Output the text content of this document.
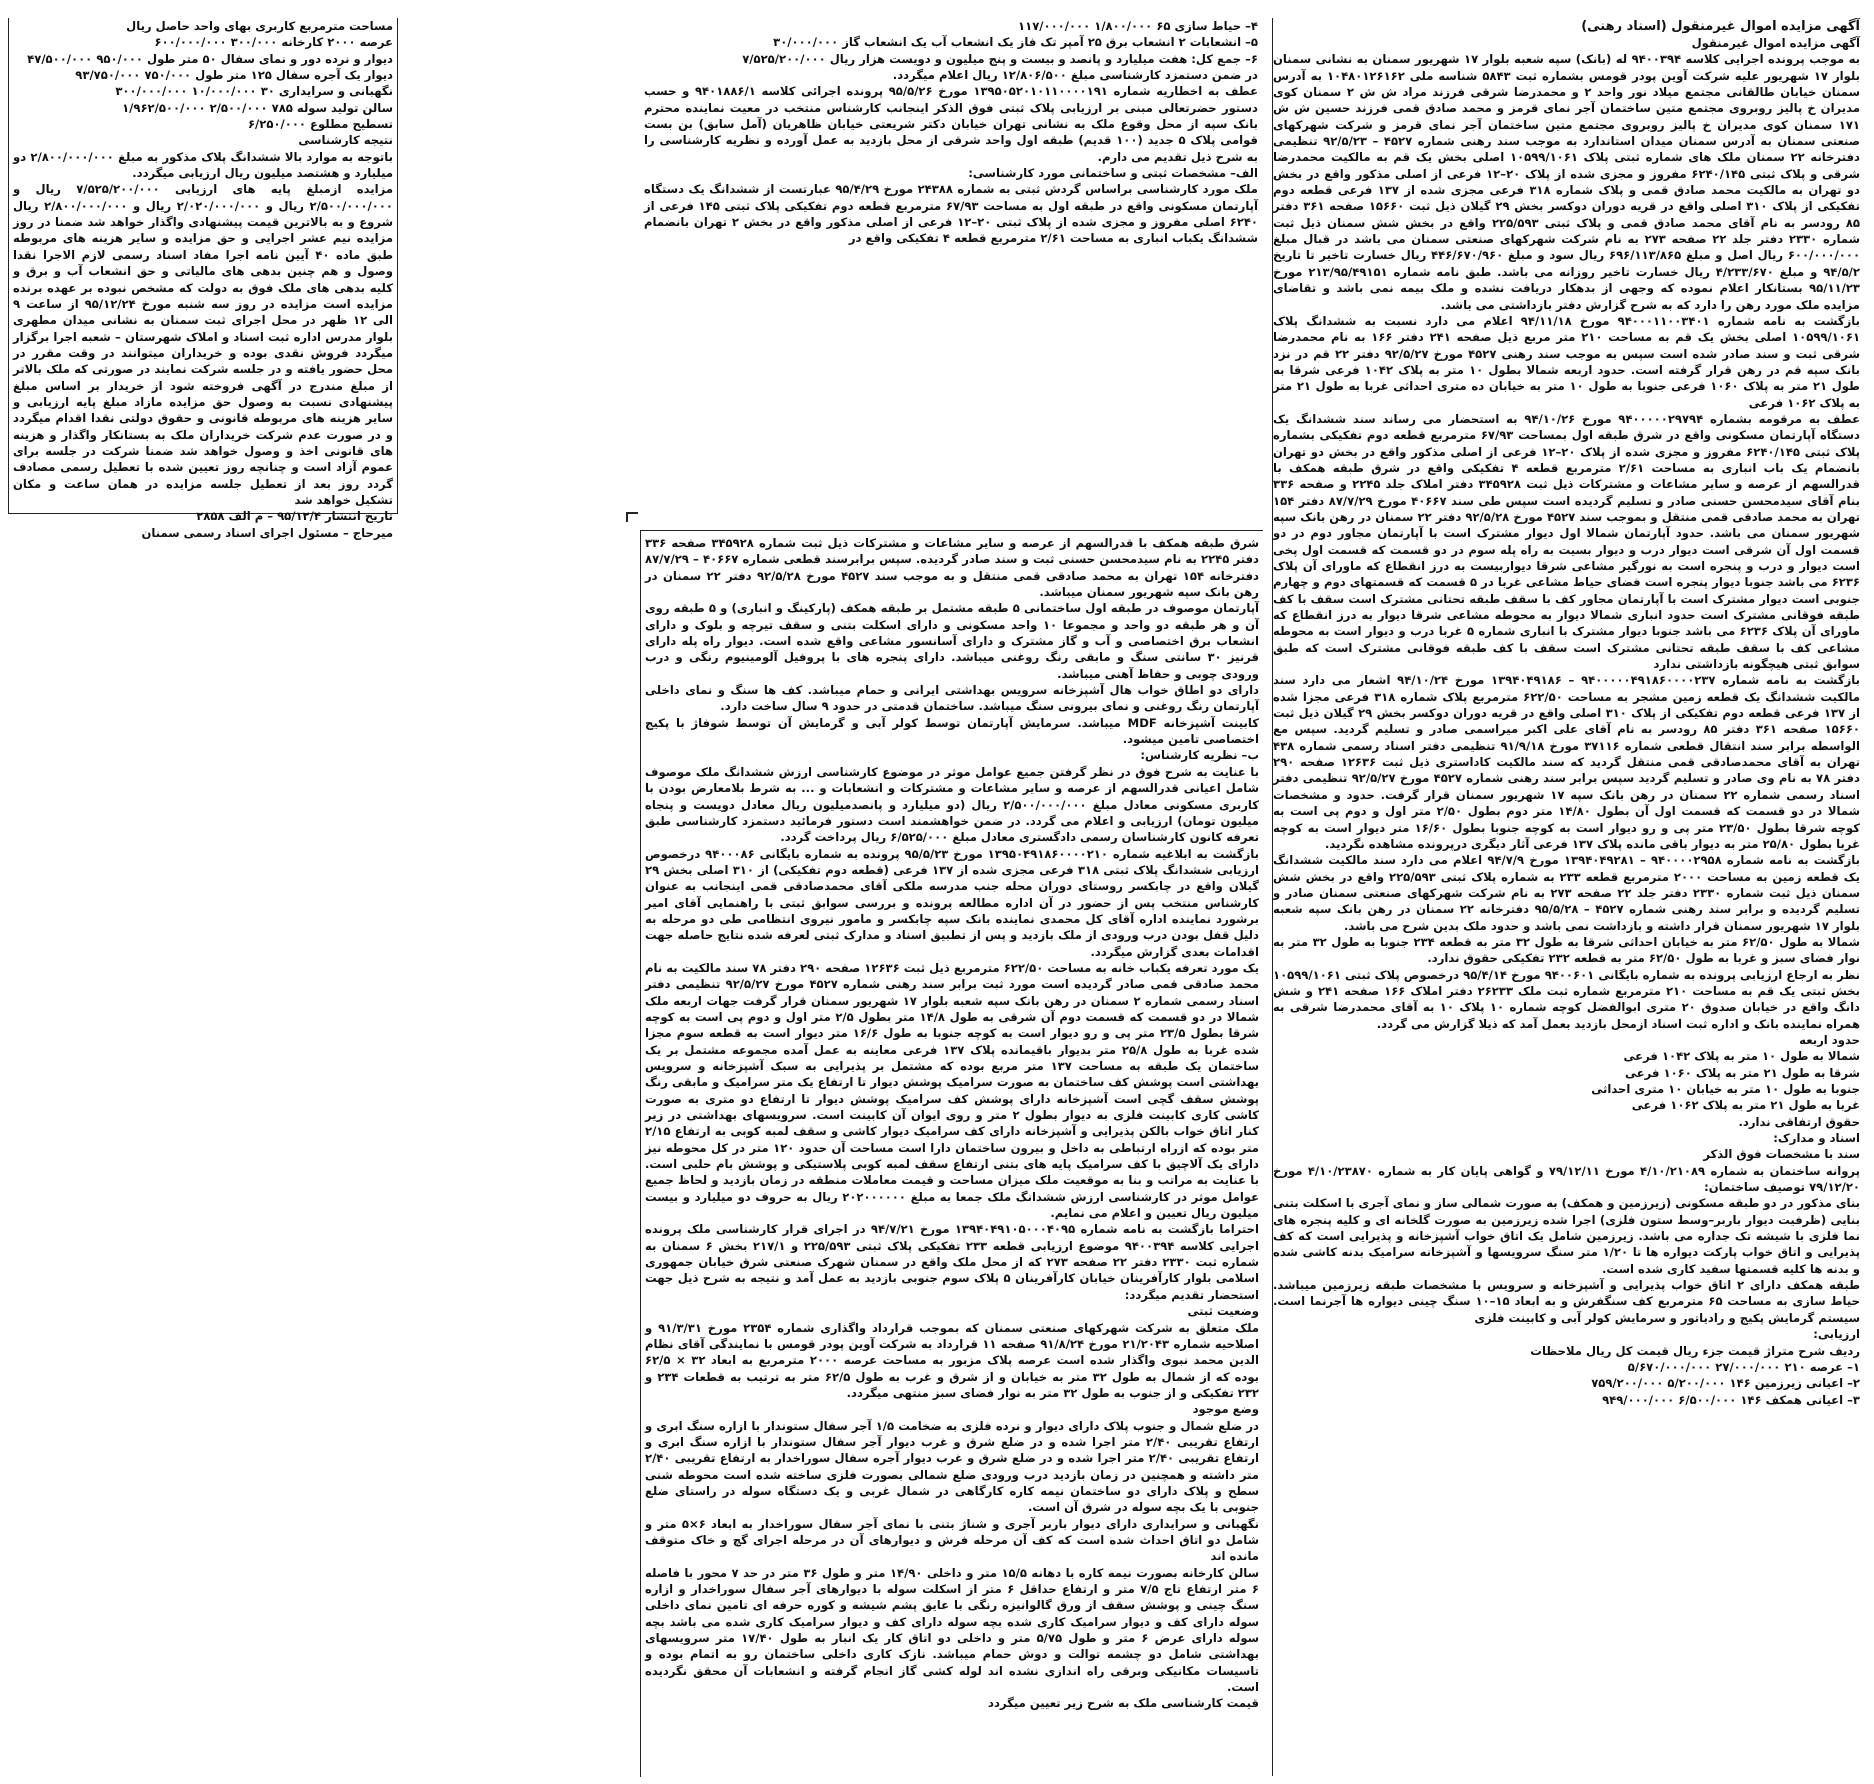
آگهی مزایده اموال غیرمنقول (اسناد رهنی)

آگهی مزایده اموال غیرمنقول

به موجب پرونده اجرایی کلاسه ۹۴۰۰۳۹۴ له (بانک) سپه شعبه بلوار ۱۷ شهریور سمنان به نشانی سمنان بلوار ۱۷ شهریور علیه شرکت آوین پودر قومس بشماره ثبت ۵۸۴۳ شناسه ملی ۱۰۴۸۰۱۲۶۱۶۲ به آدرس سمنان خیابان طالقانی مجتمع میلاد نور واحد ۲ و محمدرضا شرقی فرزند مراد ش ش ۲ سمنان کوی مدیران خ پالیز روبروی مجتمع متین ساختمان آجر نمای قرمز و محمد صادق قمی فرزند حسین ش ش ۱۷۱ سمنان کوی مدیران خ پالیز روبروی مجتمع متین ساختمان آجر نمای قرمز و شرکت شهرکهای صنعتی سمنان به آدرس سمنان میدان استاندارد به موجب سند رهنی شماره ۴۵۲۷ – ۹۲/۵/۲۳ تنظیمی دفترخانه ۲۲ سمنان ملک های شماره ثبتی پلاک ۱۰۵۹۹/۱۰۶۱ اصلی بخش یک قم به مالکیت محمدرضا شرقی و پلاک ثبتی ۶۲۴۰/۱۴۵ مفروز و مجزی شده از پلاک ۲۰–۱۲ فرعی از اصلی مذکور واقع در بخش دو تهران به مالکیت محمد صادق قمی و پلاک شماره ۳۱۸ فرعی مجزی شده از ۱۳۷ فرعی قطعه دوم تفکیکی از پلاک ۳۱۰ اصلی واقع در قریه دوران دوکسر بخش ۲۹ گیلان ذیل ثبت ۱۵۶۶۰ صفحه ۳۶۱ دفتر ۸۵ رودسر به نام آقای محمد صادق قمی و پلاک ثبتی ۲۲۵/۵۹۳ واقع در بخش شش سمنان ذیل ثبت شماره ۲۳۳۰ دفتر جلد ۲۲ صفحه ۲۷۳ به نام شرکت شهرکهای صنعتی سمنان می باشد در قبال مبلغ ۶۰۰/۰۰۰/۰۰۰ ریال اصل و مبلغ ۶۹۶/۱۱۳/۸۶۵ ریال سود و مبلغ ۴۴۶/۶۷۰/۹۶۰ ریال خسارت تاخیر تا تاریخ ۹۴/۵/۲ و مبلغ ۴/۲۳۳/۶۷۰ ریال خسارت تاخیر روزانه می باشد. طبق نامه شماره ۲۱۳/۹۵/۴۹۱۵۱ مورخ ۹۵/۱۱/۲۳ بستانکار اعلام نموده که وجهی از بدهکار دریافت نشده و ملک بیمه نمی باشد و تقاضای مزایده ملک مورد رهن را دارد که به شرح گزارش دفتر بازداشتی می باشد.

بازگشت به نامه شماره ۹۴۰۰۰۱۱۰۰۳۴۰۱ مورخ ۹۴/۱۱/۱۸ اعلام می دارد نسبت به ششدانگ پلاک ۱۰۵۹۹/۱۰۶۱ اصلی بخش یک قم به مساحت ۲۱۰ متر مربع ذیل صفحه ۲۴۱ دفتر ۱۶۶ به نام محمدرضا شرقی ثبت و سند صادر شده است سپس به موجب سند رهنی ۴۵۲۷ مورخ ۹۲/۵/۲۷ دفتر ۲۲ قم در نزد بانک سپه قم در رهن قرار گرفته است. حدود اربعه شمالا بطول ۱۰ متر به پلاک ۱۰۴۲ فرعی شرقا به طول ۲۱ متر به پلاک ۱۰۶۰ فرعی جنوبا به طول ۱۰ متر به خیابان ده متری احداثی غربا به طول ۲۱ متر به پلاک ۱۰۶۲ فرعی

عطف به مرقومه بشماره ۹۴۰۰۰۰۰۲۹۷۹۴ مورخ ۹۴/۱۰/۲۶ به استحضار می رساند سند ششدانگ یک دستگاه آپارتمان مسکونی واقع در شرق طبقه اول بمساحت ۶۷/۹۳ مترمربع قطعه دوم تفکیکی بشماره پلاک ثبتی ۶۲۴۰/۱۴۵ مفروز و مجزی شده از پلاک ۲۰–۱۲ فرعی از اصلی مذکور واقع در بخش دو تهران بانضمام یک باب انباری به مساحت ۲/۶۱ مترمربع قطعه ۴ تفکیکی واقع در شرق طبقه همکف با قدرالسهم از عرصه و سایر مشاعات و مشترکات ذیل ثبت ۳۴۵۹۲۸ دفتر املاک جلد ۲۲۴۵ و صفحه ۳۳۶ بنام آقای سیدمحسن حسنی صادر و تسلیم گردیده است سپس طی سند ۴۰۶۶۷ مورخ ۸۷/۷/۲۹ دفتر ۱۵۴ تهران به محمد صادقی قمی منتقل و بموجب سند ۴۵۲۷ مورخ ۹۲/۵/۲۸ دفتر ۲۲ سمنان در رهن بانک سپه شهریور سمنان می باشد. حدود آپارتمان شمالا اول دیوار مشترک است با آپارتمان مجاور دوم در دو قسمت اول آن شرقی است دیوار درب و دیوار بسیت به راه پله سوم در دو قسمت که قسمت اول پخی است دیوار و درب و پنجره است به نورگیر مشاعی شرقا دیواربیست به درز انقطاع که ماورای آن پلاک ۶۲۳۶ می باشد جنوبا دیوار پنجره است فضای حیاط مشاعی غربا در ۵ قسمت که قسمتهای دوم و چهارم جنوبی است دیوار مشترک است با آپارتمان مجاور کف با سقف طبقه تحتانی مشترک است سقف با کف طبقه فوقانی مشترک است حدود انباری شمالا دیوار به محوطه مشاعی شرقا دیوار به درز انقطاع که ماورای آن پلاک ۶۲۳۶ می باشد جنوبا دیوار مشترک با انباری شماره ۵ غربا درب و دیوار است به محوطه مشاعی کف با سقف طبقه تحتانی مشترک است سقف با کف طبقه فوقانی مشترک است که طبق سوابق ثبتی هیچگونه بازداشتی ندارد

بازگشت به نامه شماره ۹۴۰۰۰۰۰۴۹۱۸۶۰۰۰۰۲۳۷ – ۱۳۹۴۰۴۹۱۸۶ مورخ ۹۴/۱۰/۲۴ اشعار می دارد سند مالکیت ششدانگ یک قطعه زمین مشجر به مساحت ۶۲۲/۵۰ مترمربع پلاک شماره ۳۱۸ فرعی مجزا شده از ۱۳۷ فرعی قطعه دوم تفکیکی از پلاک ۳۱۰ اصلی واقع در قریه دوران دوکسر بخش ۲۹ گیلان ذیل ثبت ۱۵۶۶۰ صفحه ۳۶۱ دفتر ۸۵ رودسر به نام آقای علی اکبر میراسمی صادر و تسلیم گردید. سپس مع الواسطه برابر سند انتقال قطعی شماره ۳۷۱۱۶ مورخ ۹۱/۹/۱۸ تنظیمی دفتر اسناد رسمی شماره ۴۳۸ تهران به آقای محمدصادقی قمی منتقل گردید که سند مالکیت کاداستری ذیل ثبت ۱۲۶۳۶ صفحه ۲۹۰ دفتر ۷۸ به نام وی صادر و تسلیم گردید سپس برابر سند رهنی شماره ۴۵۲۷ مورخ ۹۲/۵/۲۷ تنظیمی دفتر اسناد رسمی شماره ۲۲ سمنان در رهن بانک سپه ۱۷ شهریور سمنان قرار گرفت. حدود و مشخصات شمالا در دو قسمت که قسمت اول آن بطول ۱۴/۸۰ متر دوم بطول ۲/۵۰ متر اول و دوم پی است به کوچه شرقا بطول ۲۳/۵۰ متر پی و رو دیوار است به کوچه جنوبا بطول ۱۶/۶۰ متر دیوار است به کوچه غربا بطول ۲۵/۸۰ متر به دیوار باقی مانده پلاک ۱۳۷ فرعی آثار دیگری درپرونده مشاهده نگردید.

بازگشت به نامه شماره ۹۴۰۰۰۰۲۹۵۸ – ۱۳۹۴۰۴۹۲۸۱ مورخ ۹۴/۷/۹ اعلام می دارد سند مالکیت ششدانگ یک قطعه زمین به مساحت ۲۰۰۰ مترمربع قطعه ۲۳۳ به شماره پلاک ثبتی ۲۲۵/۵۹۳ واقع در بخش شش سمنان ذیل ثبت شماره ۲۳۳۰ دفتر جلد ۲۲ صفحه ۲۷۳ به نام شرکت شهرکهای صنعتی سمنان صادر و تسلیم گردیده و برابر سند رهنی شماره ۴۵۲۷ – ۹۵/۵/۲۸ دفترخانه ۲۲ سمنان در رهن بانک سپه شعبه بلوار ۱۷ شهریور سمنان قرار داشته و بازداشت نمی باشد و حدود ملک بدین شرح می باشد.

شمالا به طول ۶۲/۵۰ متر به خیابان احداثی شرقا به طول ۳۲ متر به قطعه ۲۳۴ جنوبا به طول ۳۲ متر به نوار فضای سبز و غربا به طول ۶۲/۵۰ متر به قطعه ۲۳۲ تفکیکی حقوق ندارد.

نظر به ارجاع ارزیابی پرونده به شماره بایگانی ۹۴۰۰۶۰۱ مورخ ۹۵/۴/۱۴ درخصوص پلاک ثبتی ۱۰۵۹۹/۱۰۶۱ بخش ثبتی یک قم به مساحت ۲۱۰ مترمربع شماره ثبت ملک ۲۶۲۳۳ دفتر املاک ۱۶۶ صفحه ۲۴۱ و شش دانگ واقع در خیابان صدوق ۲۰ متری ابوالفضل کوچه شماره ۱۰ پلاک ۱۰ به آقای محمدرضا شرقی به همراه نماینده بانک و اداره ثبت اسناد ازمحل بازدید بعمل آمد که ذیلا گزارش می گردد.

حدود اربعه

شمالا به طول ۱۰ متر به پلاک ۱۰۴۲ فرعی

شرقا به طول ۲۱ متر به پلاک ۱۰۶۰ فرعی

جنوبا به طول ۱۰ متر به خیابان ۱۰ متری احداثی

غربا به طول ۲۱ متر به پلاک ۱۰۶۲ فرعی

حقوق ارتفاقی ندارد.

اسناد و مدارک:

سند با مشخصات فوق الذکر

پروانه ساختمان به شماره ۴/۱۰/۲۱۰۸۹ مورخ ۷۹/۱۲/۱۱ و گواهی پایان کار به شماره ۴/۱۰/۲۳۸۷۰ مورخ ۷۹/۱۲/۲۰ توصیف ساختمان:

بنای مذکور در دو طبقه مسکونی (زیرزمین و همکف) به صورت شمالی ساز و نمای آجری با اسکلت بتنی بنایی (ظرفیت دیوار باربر–وسط ستون فلزی) اجرا شده زیرزمین به صورت گلخانه ای و کلیه پنجره های نما فلزی با شیشه تک جداره می باشد. زیرزمین شامل یک اتاق خواب آشپزخانه و پذیرایی است که کف پذیرایی و اتاق خواب پارکت دیواره ها تا ۱/۲۰ متر سنگ سرویسها و آشپزخانه سرامیک بدنه کاشی شده و بدنه ها کلیه قسمتها سفید کاری شده است.

طبقه همکف دارای ۲ اتاق خواب پذیرایی و آشپزخانه و سرویس با مشخصات طبقه زیرزمین میباشد. حیاط سازی به مساحت ۶۵ مترمربع کف سنگفرش و به ابعاد ۱۵–۱۰ سنگ چینی دیواره ها آجرنما است. سیستم گرمایش پکیج و رادیاتور و سرمایش کولر آبی و کابینت فلزی

ارزیابی:

ردیف شرح متراژ قیمت جزء ریال قیمت کل ریال ملاحظات

۱– عرصه ۲۱۰ ۲۷/۰۰۰/۰۰۰ ۵/۶۷۰/۰۰۰/۰۰۰

۲– اعیانی زیرزمین ۱۴۶ ۵/۲۰۰/۰۰۰ ۷۵۹/۲۰۰/۰۰۰

۳– اعیانی همکف ۱۴۶ ۶/۵۰۰/۰۰۰ ۹۴۹/۰۰۰/۰۰۰

۴– حیاط سازی ۶۵ ۱/۸۰۰/۰۰۰ ۱۱۷/۰۰۰/۰۰۰

۵– انشعابات ۲ انشعاب برق ۲۵ آمپر تک فاز یک انشعاب آب یک انشعاب گاز ۳۰/۰۰۰/۰۰۰

۶– جمع کل: هفت میلیارد و پانصد و بیست و پنج میلیون و دویست هزار ریال ۷/۵۲۵/۲۰۰/۰۰۰

در ضمن دستمزد کارشناسی مبلغ ۱۲/۸۰۶/۵۰۰ ریال اعلام میگردد.

عطف به اخطاریه شماره ۱۳۹۵۰۵۲۰۱۰۱۱۰۰۰۰۱۹۱ مورخ ۹۵/۵/۲۶ پرونده اجرائی کلاسه ۹۴۰۱۸۸۶/۱ و حسب دستور حضرتعالی مبنی بر ارزیابی پلاک ثبتی فوق الذکر اینجانب کارشناس منتخب در معیت نماینده محترم بانک سپه از محل وقوع ملک به نشانی تهران خیابان دکتر شریعتی خیابان ظاهریان (آمل سابق) بن بست قوامی پلاک ۵ جدید (۱۰۰ قدیم) طبقه اول واحد شرقی از محل بازدید به عمل آورده و نظریه کارشناسی را به شرح ذیل تقدیم می دارم.

الف– مشخصات ثبتی و ساختمانی مورد کارشناسی:

ملک مورد کارشناسی براساس گردش ثبتی به شماره ۲۴۳۸۸ مورخ ۹۵/۴/۲۹ عبارتست از ششدانگ یک دستگاه آپارتمان مسکونی واقع در طبقه اول به مساحت ۶۷/۹۳ مترمربع قطعه دوم تفکیکی پلاک ثبتی ۱۴۵ فرعی از ۶۲۴۰ اصلی مفروز و مجزی شده از پلاک ثبتی ۲۰–۱۲ فرعی از اصلی مذکور واقع در بخش ۲ تهران بانضمام ششدانگ یکباب انباری به مساحت ۲/۶۱ مترمربع قطعه ۴ تفکیکی واقع در

شرق طبقه همکف با قدرالسهم از عرصه و سایر مشاعات و مشترکات ذیل ثبت شماره ۳۴۵۹۲۸ صفحه ۳۳۶ دفتر ۲۲۴۵ به نام سیدمحسن حسنی ثبت و سند صادر گردیده. سپس برابرسند قطعی شماره ۴۰۶۶۷ – ۸۷/۷/۲۹ دفترخانه ۱۵۴ تهران به محمد صادقی قمی منتقل و به موجب سند ۴۵۲۷ مورخ ۹۲/۵/۲۸ دفتر ۲۲ سمنان در رهن بانک سپه شهریور سمنان میباشد.

آپارتمان موصوف در طبقه اول ساختمانی ۵ طبقه مشتمل بر طبقه همکف (پارکینگ و انباری) و ۵ طبقه روی آن و هر طبقه دو واحد و مجموعا ۱۰ واحد مسکونی و دارای اسکلت بتنی و سقف تیرچه و بلوک و دارای انشعاب برق اختصاصی و آب و گاز مشترک و دارای آسانسور مشاعی واقع شده است. دیوار راه پله دارای قرنیز ۳۰ سانتی سنگ و مابقی رنگ روغنی میباشد. دارای پنجره های با پروفیل آلومینیوم رنگی و درب ورودی چوبی و حفاظ آهنی میباشد.

دارای دو اطاق خواب هال آشپزخانه سرویس بهداشتی ایرانی و حمام میباشد. کف ها سنگ و نمای داخلی آپارتمان رنگ روغنی و نمای بیرونی سنگ میباشد. ساختمان قدمتی در حدود ۹ سال ساخت دارد.

کابینت آشپزخانه MDF میباشد. سرمایش آپارتمان توسط کولر آبی و گرمایش آن توسط شوفاژ با پکیج اختصاصی تامین میشود.

ب– نظریه کارشناس:

با عنایت به شرح فوق در نظر گرفتن جمیع عوامل موثر در موضوع کارشناسی ارزش ششدانگ ملک موصوف شامل اعیانی قدرالسهم از عرصه و سایر مشاعات و مشترکات و انشعابات و ... به شرط بلامعارض بودن با کاربری مسکونی معادل مبلغ ۲/۵۰۰/۰۰۰/۰۰۰ ریال (دو میلیارد و پانصدمیلیون ریال معادل دویست و پنجاه میلیون تومان) ارزیابی و اعلام می گردد. در ضمن خواهشمند است دستور فرمائید دستمزد کارشناسی طبق تعرفه کانون کارشناسان رسمی دادگستری معادل مبلغ ۶/۵۲۵/۰۰۰ ریال پرداخت گردد.

بازگشت به ابلاغیه شماره ۱۳۹۵۰۴۹۱۸۶۰۰۰۰۲۱۰ مورخ ۹۵/۵/۲۳ پرونده به شماره بایگانی ۹۴۰۰۰۸۶ درخصوص ارزیابی ششدانگ پلاک ثبتی ۳۱۸ فرعی مجزی شده از ۱۳۷ فرعی (قطعه دوم تفکیکی) از ۳۱۰ اصلی بخش ۲۹ گیلان واقع در چابکسر روستای دوران محله جنب مدرسه ملکی آقای محمدصادقی قمی اینجانب به عنوان کارشناس منتخب پس از حضور در آن اداره مطالعه پرونده و بررسی سوابق ثبتی با راهنمایی آقای امیر برشورد نماینده اداره آقای کل محمدی نماینده بانک سپه چابکسر و مامور نیروی انتظامی طی دو مرحله به دلیل قفل بودن درب ورودی از ملک بازدید و پس از تطبیق اسناد و مدارک ثبتی لعرفه شده نتایج حاصله جهت اقدامات بعدی گزارش میگردد.

یک مورد تعرفه یکباب خانه به مساحت ۶۲۲/۵۰ مترمربع ذیل ثبت ۱۲۶۳۶ صفحه ۲۹۰ دفتر ۷۸ سند مالکیت به نام محمد صادقی قمی صادر گردیده است مورد ثبت برابر سند رهنی شماره ۴۵۲۷ مورخ ۹۲/۵/۲۷ تنظیمی دفتر اسناد رسمی شماره ۲ سمنان در رهن بانک سپه شعبه بلوار ۱۷ شهریور سمنان قرار گرفت جهات اربعه ملک شمالا در دو قسمت که قسمت دوم آن شرقی به طول ۱۴/۸ متر بطول ۲/۵ متر اول و دوم پی است به کوچه شرقا بطول ۲۳/۵ متر پی و رو دیوار است به کوچه جنوبا به طول ۱۶/۶ متر دیوار است به قطعه سوم مجزا شده غربا به طول ۲۵/۸ متر بدیوار باقیمانده پلاک ۱۳۷ فرعی معاینه به عمل آمده مجموعه مشتمل بر یک ساختمان یک طبقه به مساحت ۱۳۷ متر مربع بوده که مشتمل بر پذیرایی به سبک آشپزخانه و سرویس بهداشتی است پوشش کف ساختمان به صورت سرامیک پوشش دیوار تا ارتفاع یک متر سرامیک و مابقی رنگ پوشش سقف گچی است آشپزخانه دارای پوشش کف سرامیک پوشش دیوار تا ارتفاع دو متری به صورت کاشی کاری کابینت فلزی به دیوار بطول ۲ متر و روی ایوان آن کابینت است. سرویسهای بهداشتی در زیر کنار اتاق خواب بالکن پذیرایی و آشپزخانه دارای کف سرامیک دیوار کاشی و سقف لمبه کوبی به ارتفاع ۲/۱۵ متر بوده که ازراه ارتباطی به داخل و بیرون ساختمان دارا است مساحت آن حدود ۱۲۰ متر در کل محوطه نیز دارای یک آلاچیق با کف سرامیک پایه های بتنی ارتفاع سقف لمبه کوبی پلاستیکی و پوشش بام حلبی است. با عنایت به مراتب و بنا به موقعیت ملک میزان مساحت و قیمت معاملات منطقه در زمان بازدید و لحاظ جمیع عوامل موثر در کارشناسی ارزش ششدانگ ملک جمعا به مبلغ ۲۰۲۰۰۰۰۰۰ ریال به حروف دو میلیارد و بیست میلیون ریال تعیین و اعلام می نمایم.

احتراما بازگشت به نامه شماره ۱۳۹۴۰۴۹۱۰۵۰۰۰۴۰۹۵ مورخ ۹۴/۷/۲۱ در اجرای قرار کارشناسی ملک پرونده اجرایی کلاسه ۹۴۰۰۳۹۴ موضوع ارزیابی قطعه ۲۳۳ تفکیکی پلاک ثبتی ۲۲۵/۵۹۳ و ۲۱۷/۱ بخش ۶ سمنان به شماره ثبت ۲۳۳۰ دفتر ۲۲ صفحه ۲۷۳ که از محل ملک واقع در سمنان شهرک صنعتی شرق خیابان جمهوری اسلامی بلوار کارآفرینان خیابان کارآفرینان ۵ پلاک سوم جنوبی بازدید به عمل آمد و نتیجه به شرح ذیل جهت استحضار تقدیم میگردد:

وضعیت ثبتی

ملک متعلق به شرکت شهرکهای صنعتی سمنان که بموجب قرارداد واگذاری شماره ۲۳۵۴ مورخ ۹۱/۳/۳۱ و اصلاحیه شماره ۲۱/۲۰۴۳ مورخ ۹۱/۸/۲۴ صفحه ۱۱ قرارداد به شرکت آوین پودر قومس با نمایندگی آقای نظام الدین محمد نبوی واگذار شده است عرصه پلاک مزبور به مساحت عرصه ۲۰۰۰ مترمربع به ابعاد ۳۲ × ۶۲/۵ بوده که از شمال به طول ۳۲ متر به خیابان و از شرق و غرب به طول ۶۲/۵ متر به ترتیب به قطعات ۲۳۴ و ۲۳۲ تفکیکی و از جنوب به طول ۳۲ متر به نوار فضای سبز منتهی میگردد.

وضع موجود

در ضلع شمال و جنوب پلاک دارای دیوار و نرده فلزی به ضخامت ۱/۵ آجر سفال ستوندار با ازاره سنگ ابری و ارتفاع تقریبی ۲/۴۰ متر اجرا شده و در ضلع شرق و غرب دیوار آجر سفال ستوندار با ازاره سنگ ابری و ارتفاع تقریبی ۲/۴۰ متر اجرا شده و در ضلع شرق و غرب دیوار آجره سفال سوراخدار به ارتفاع تقریبی ۲/۴۰ متر داشته و همچنین در زمان بازدید درب ورودی ضلع شمالی بصورت فلزی ساخته شده است محوطه شنی سطح و پلاک دارای دو ساختمان نیمه کاره کارگاهی در شمال غربی و یک دستگاه سوله در راستای ضلع جنوبی با یک بچه سوله در شرق آن است.

نگهبانی و سرایداری دارای دیوار باربر آجری و شناژ بتنی با نمای آجر سفال سوراخدار به ابعاد ۶×۵ متر و شامل دو اتاق احداث شده است که کف آن مرحله فرش و دیوارهای آن در مرحله اجرای گچ و خاک متوقف مانده اند

سالن کارخانه بصورت نیمه کاره با دهانه ۱۵/۵ متر و داخلی ۱۴/۹۰ متر و طول ۳۶ متر در حد ۷ محور با فاصله ۶ متر ارتفاع تاج ۷/۵ متر و ارتفاع حداقل ۶ متر از اسکلت سوله با دیوارهای آجر سفال سوراخدار و ازاره سنگ چینی و پوشش سقف از ورق گالوانیزه رنگی با عایق پشم شیشه و کوره حرفه ای تامین نمای داخلی سوله دارای کف و دیوار سرامیک کاری شده بچه سوله دارای کف و دیوار سرامیک کاری شده می باشد بچه سوله دارای عرض ۶ متر و طول ۵/۷۵ متر و داخلی دو اتاق کار یک انبار به طول ۱۷/۴۰ متر سرویسهای بهداشتی شامل دو چشمه توالت و دوش حمام میباشد. نازک کاری داخلی ساختمان رو به اتمام بوده و تاسیسات مکانیکی وبرقی راه اندازی نشده اند لوله کشی گاز انجام گرفته و انشعابات آن محقق نگردیده است.

قیمت کارشناسی ملک به شرح زیر تعیین میگردد

مساحت مترمربع کاربری بهای واحد حاصل ریال

عرصه ۲۰۰۰ کارخانه ۳۰۰/۰۰۰ ۶۰۰/۰۰۰/۰۰۰

دیوار و نرده دور و نمای سفال ۵۰ متر طول ۹۵۰/۰۰۰ ۴۷/۵۰۰/۰۰۰

دیوار یک آجره سفال ۱۲۵ متر طول ۷۵۰/۰۰۰ ۹۳/۷۵۰/۰۰۰

نگهبانی و سرایداری ۳۰ ۱۰/۰۰۰/۰۰۰ ۳۰۰/۰۰۰/۰۰۰

سالن تولید سوله ۷۸۵ ۲/۵۰۰/۰۰۰ ۱/۹۶۲/۵۰۰/۰۰۰

تسطیح مطلوع ۶/۲۵۰/۰۰۰

نتیجه کارشناسی

باتوجه به موارد بالا ششدانگ پلاک مذکور به مبلغ ۲/۸۰۰/۰۰۰/۰۰۰ دو میلیارد و هشتصد میلیون ریال ارزیابی میگردد.

مزایده ازمبلغ پایه های ارزیابی ۷/۵۲۵/۲۰۰/۰۰۰ ریال و ۲/۵۰۰/۰۰۰/۰۰۰ ریال و ۲/۰۲۰/۰۰۰/۰۰۰ ریال و ۲/۸۰۰/۰۰۰/۰۰۰ ریال شروع و به بالاترین قیمت پیشنهادی واگذار خواهد شد ضمنا در روز مزایده نیم عشر اجرایی و حق مزایده و سایر هزینه های مربوطه طبق ماده ۴۰ آیین نامه اجرا مفاد اسناد رسمی لازم الاجرا نقدا وصول و هم چنین بدهی های مالیاتی و حق انشعاب آب و برق و کلیه بدهی های ملک فوق به دولت که مشخص نبوده بر عهده برنده مزایده است مزایده در روز سه شنبه مورخ ۹۵/۱۲/۲۴ از ساعت ۹ الی ۱۲ ظهر در محل اجرای ثبت سمنان به نشانی میدان مطهری بلوار مدرس اداره ثبت اسناد و املاک شهرستان – شعبه اجرا برگزار میگردد فروش نقدی بوده و خریداران میتوانند در وقت مقرر در محل حضور یافته و در جلسه شرکت نمایند در صورتی که ملک بالاتر از مبلغ مندرج در آگهی فروخته شود از خریدار بر اساس مبلغ پیشنهادی نسبت به وصول حق مزایده مازاد مبلغ پایه ارزیابی و سایر هزینه های مربوطه قانونی و حقوق دولتی نقدا اقدام میگردد و در صورت عدم شرکت خریداران ملک به بستانکار واگذار و هزینه های قانونی اخذ و وصول خواهد شد ضمنا شرکت در جلسه برای عموم آزاد است و چنانچه روز تعیین شده با تعطیل رسمی مصادف گردد روز بعد از تعطیل جلسه مزایده در همان ساعت و مکان تشکیل خواهد شد

تاریخ انتشار ۹۵/۱۲/۴ – م الف ۲۸۵۸

میرحاج – مسئول اجرای اسناد رسمی سمنان
